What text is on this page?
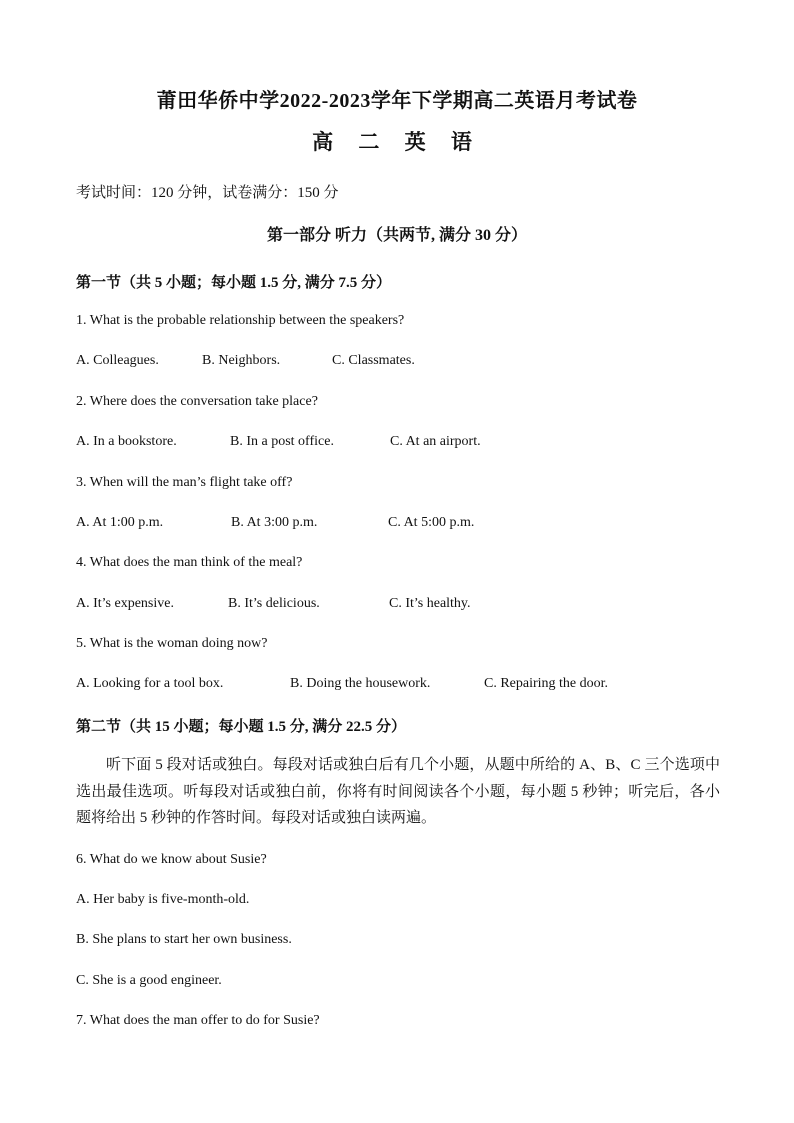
莆田华侨中学2022-2023学年下学期高二英语月考试卷
高 二 英 语
考试时间：120 分钟，试卷满分：150 分
第一部分 听力（共两节, 满分 30 分）
第一节（共 5 小题；每小题 1.5 分, 满分 7.5 分）
1. What is the probable relationship between the speakers?
A. Colleagues.	B. Neighbors.	C. Classmates.
2. Where does the conversation take place?
A. In a bookstore.	B. In a post office.	C. At an airport.
3. When will the man’s flight take off?
A. At 1:00 p.m.	B. At 3:00 p.m.	C. At 5:00 p.m.
4. What does the man think of the meal?
A. It’s expensive.	B. It’s delicious.	C. It’s healthy.
5. What is the woman doing now?
A. Looking for a tool box.	B. Doing the housework.	C. Repairing the door.
第二节（共 15 小题；每小题 1.5 分, 满分 22.5 分）
听下面 5 段对话或独白。每段对话或独白后有几个小题，从题中所给的 A、B、C 三个选项中选出最佳选项。听每段对话或独白前，你将有时间阅读各个小题，每小题 5 秒钟；听完后，各小题将给出 5 秒钟的作答时间。每段对话或独白读两遍。
6. What do we know about Susie?
A. Her baby is five-month-old.
B. She plans to start her own business.
C. She is a good engineer.
7. What does the man offer to do for Susie?
